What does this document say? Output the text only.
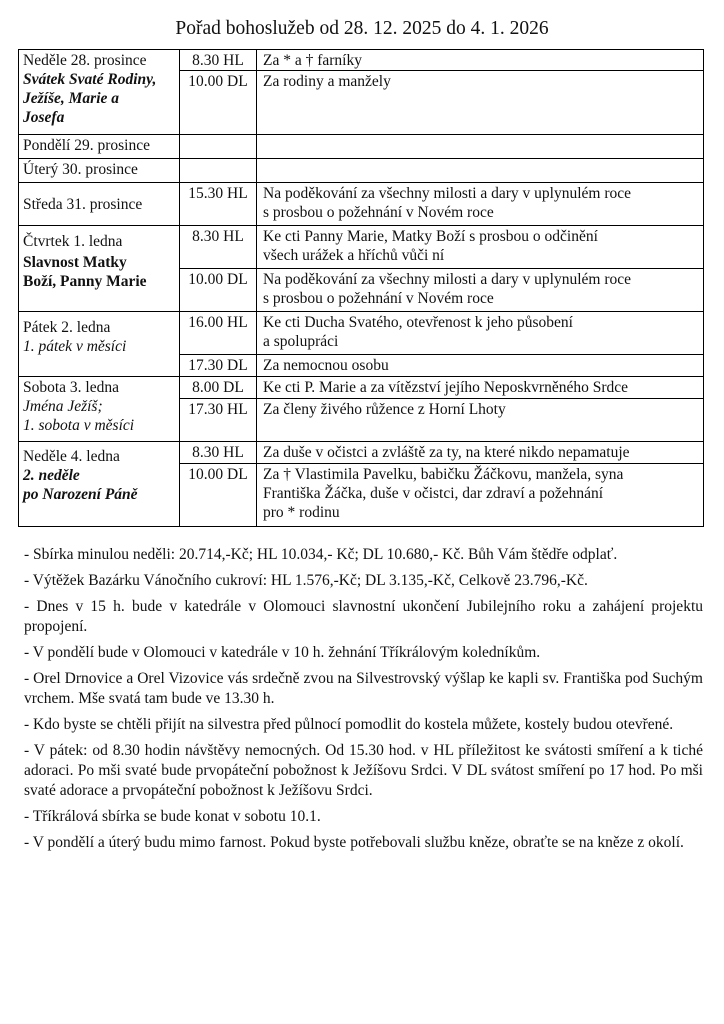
Pořad bohoslužeb od 28. 12. 2025 do 4. 1. 2026
Neděle 28. prosince
Svátek Svaté Rodiny,
Ježíše, Marie a
Josefa	8.30 HL	Za * a † farníky

	10.00 DL	Za rodiny a manžely

Pondělí 29. prosince		

Úterý 30. prosince		

Středa 31. prosince	15.30 HL	Na poděkování za všechny milosti a dary v uplynulém roce
s prosbou o požehnání v Novém roce

Čtvrtek 1. ledna
Slavnost Matky
Boží, Panny Marie	8.30 HL	Ke cti Panny Marie, Matky Boží s prosbou o odčinění
všech urážek a hříchů vůči ní

	10.00 DL	Na poděkování za všechny milosti a dary v uplynulém roce
s prosbou o požehnání v Novém roce

Pátek 2. ledna
1. pátek v měsíci	16.00 HL	Ke cti Ducha Svatého, otevřenost k jeho působení
a spolupráci

	17.30 DL	Za nemocnou osobu

Sobota 3. ledna
Jména Ježíš;
1. sobota v měsíci	8.00 DL	Ke cti P. Marie a za vítězství jejího Neposkvrněného Srdce

	17.30 HL	Za členy živého růžence z Horní Lhoty

Neděle 4. ledna
2. neděle
po Narození Páně	8.30 HL	Za duše v očistci a zvláště za ty, na které nikdo nepamatuje

	10.00 DL	Za † Vlastimila Pavelku, babičku Žáčkovu, manžela, syna
Františka Žáčka, duše v očistci, dar zdraví a požehnání
pro * rodinu

- Sbírka minulou neděli: 20.714,-Kč; HL 10.034,- Kč; DL 10.680,- Kč. Bůh Vám štědře odplať.

- Výtěžek Bazárku Vánočního cukroví: HL 1.576,-Kč; DL 3.135,-Kč, Celkově 23.796,-Kč.

- Dnes v 15 h. bude v katedrále v Olomouci slavnostní ukončení Jubilejního roku a zahájení projektu propojení.

- V pondělí bude v Olomouci v katedrále v 10 h. žehnání Tříkrálovým koledníkům.

- Orel Drnovice a Orel Vizovice vás srdečně zvou na Silvestrovský výšlap ke kapli sv. Františka pod Suchým vrchem. Mše svatá tam bude ve 13.30 h.

- Kdo byste se chtěli přijít na silvestra před půlnocí pomodlit do kostela můžete, kostely budou otevřené.

- V pátek: od 8.30 hodin návštěvy nemocných. Od 15.30 hod. v HL příležitost ke svátosti smíření a k tiché adoraci. Po mši svaté bude prvopáteční pobožnost k Ježíšovu Srdci. V DL svátost smíření po 17 hod. Po mši svaté adorace a prvopáteční pobožnost k Ježíšovu Srdci.

- Tříkrálová sbírka se bude konat v sobotu 10.1.

- V pondělí a úterý budu mimo farnost. Pokud byste potřebovali službu kněze, obraťte se na kněze z okolí.
